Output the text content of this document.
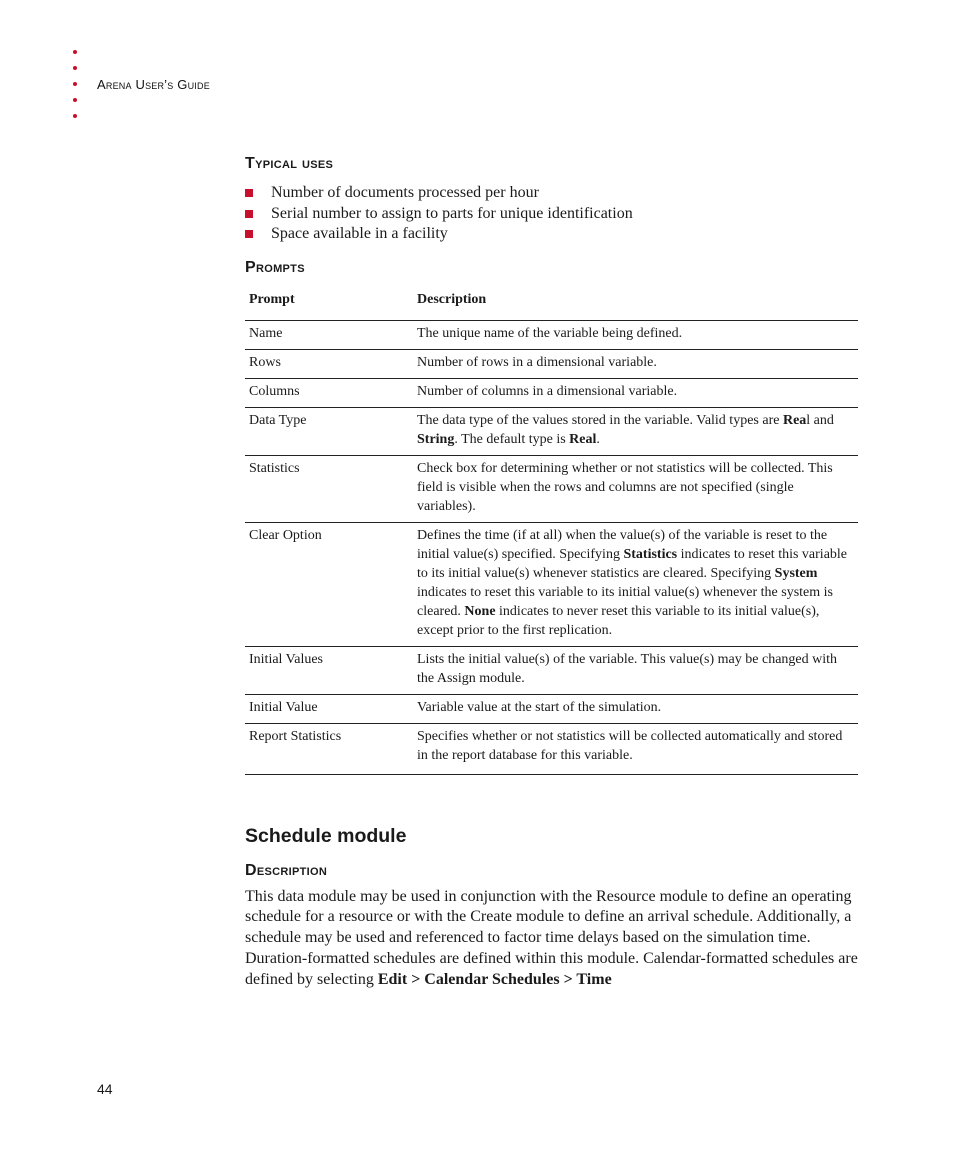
Arena User’s Guide
Typical uses
Number of documents processed per hour
Serial number to assign to parts for unique identification
Space available in a facility
Prompts
Prompt	Description
Name	The unique name of the variable being defined.
Rows	Number of rows in a dimensional variable.
Columns	Number of columns in a dimensional variable.
Data Type	The data type of the values stored in the variable. Valid types are Real and String. The default type is Real.
Statistics	Check box for determining whether or not statistics will be collected. This field is visible when the rows and columns are not specified (single variables).
Clear Option	Defines the time (if at all) when the value(s) of the variable is reset to the initial value(s) specified. Specifying Statistics indicates to reset this variable to its initial value(s) whenever statistics are cleared. Specifying System indicates to reset this variable to its initial value(s) whenever the system is cleared. None indicates to never reset this variable to its initial value(s), except prior to the first replication.
Initial Values	Lists the initial value(s) of the variable. This value(s) may be changed with the Assign module.
Initial Value	Variable value at the start of the simulation.
Report Statistics	Specifies whether or not statistics will be collected automatically and stored in the report database for this variable.
Schedule module
Description

This data module may be used in conjunction with the Resource module to define an operating schedule for a resource or with the Create module to define an arrival schedule. Additionally, a schedule may be used and referenced to factor time delays based on the simulation time. Duration-formatted schedules are defined within this module. Calendar-formatted schedules are defined by selecting Edit > Calendar Schedules > Time

44
